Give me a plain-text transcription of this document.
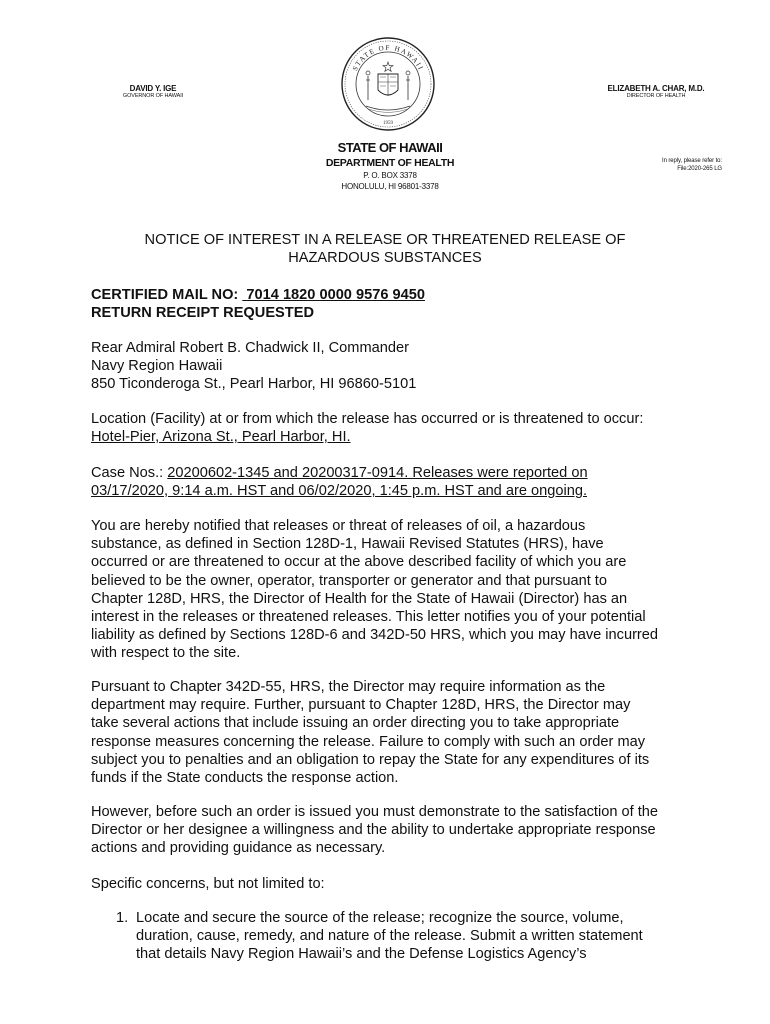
STATE OF HAWAII
1959
DAVID Y. IGE
GOVERNOR OF HAWAII
ELIZABETH A. CHAR, M.D.
DIRECTOR OF HEALTH
STATE OF HAWAII
DEPARTMENT OF HEALTH
P. O. BOX 3378
HONOLULU, HI 96801-3378
In reply, please refer to:
File:2020-265 LG
NOTICE OF INTEREST IN A RELEASE OR THREATENED RELEASE OF
HAZARDOUS SUBSTANCES
CERTIFIED MAIL NO: 7014 1820 0000 9576 9450
RETURN RECEIPT REQUESTED
Rear Admiral Robert B. Chadwick II, Commander
Navy Region Hawaii
850 Ticonderoga St., Pearl Harbor, HI 96860-5101
Location (Facility) at or from which the release has occurred or is threatened to occur:
Hotel-Pier, Arizona St., Pearl Harbor, HI.
Case Nos.: 20200602-1345 and 20200317-0914. Releases were reported on
03/17/2020, 9:14 a.m. HST and 06/02/2020, 1:45 p.m. HST and are ongoing.
You are hereby notified that releases or threat of releases of oil, a hazardous
substance, as defined in Section 128D-1, Hawaii Revised Statutes (HRS), have
occurred or are threatened to occur at the above described facility of which you are
believed to be the owner, operator, transporter or generator and that pursuant to
Chapter 128D, HRS, the Director of Health for the State of Hawaii (Director) has an
interest in the releases or threatened releases. This letter notifies you of your potential
liability as defined by Sections 128D-6 and 342D-50 HRS, which you may have incurred
with respect to the site.
Pursuant to Chapter 342D-55, HRS, the Director may require information as the
department may require. Further, pursuant to Chapter 128D, HRS, the Director may
take several actions that include issuing an order directing you to take appropriate
response measures concerning the release. Failure to comply with such an order may
subject you to penalties and an obligation to repay the State for any expenditures of its
funds if the State conducts the response action.
However, before such an order is issued you must demonstrate to the satisfaction of the
Director or her designee a willingness and the ability to undertake appropriate response
actions and providing guidance as necessary.
Specific concerns, but not limited to:
1. Locate and secure the source of the release; recognize the source, volume,
duration, cause, remedy, and nature of the release. Submit a written statement
that details Navy Region Hawaii’s and the Defense Logistics Agency’s
